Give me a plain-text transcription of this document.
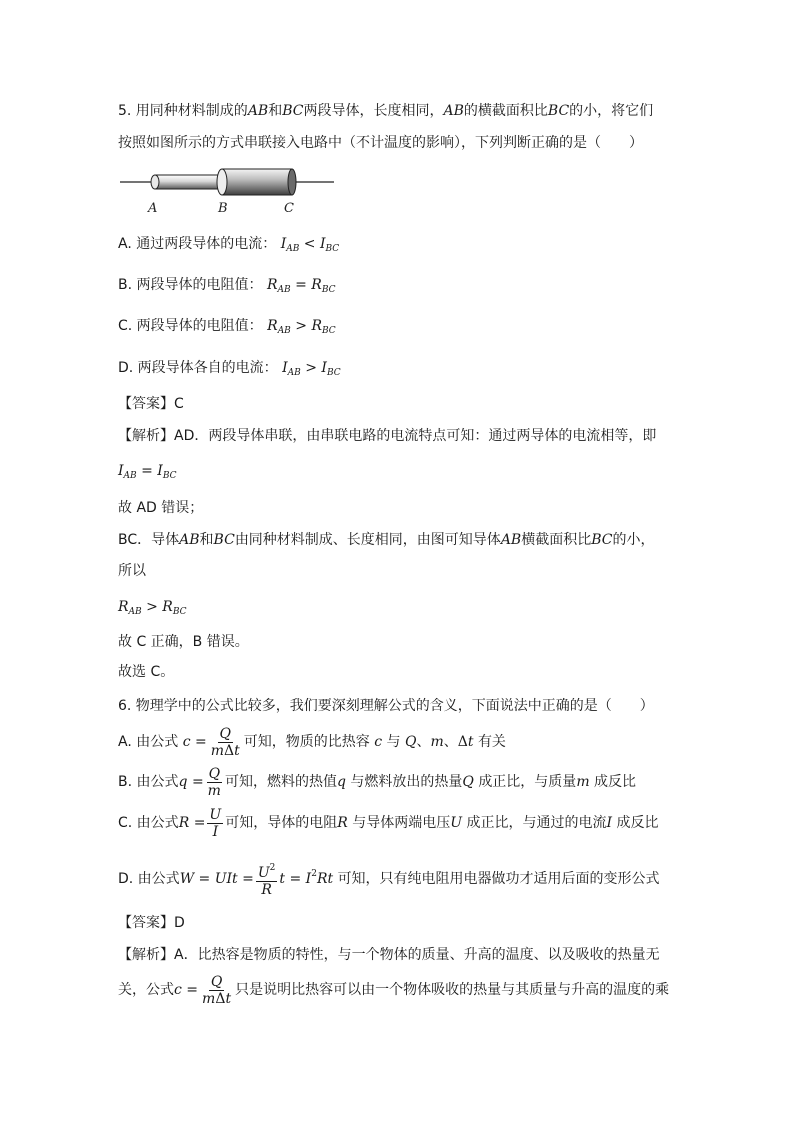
5. 用同种材料制成的AB和BC两段导体，长度相同，AB的横截面积比BC的小，将它们
按照如图所示的方式串联接入电路中（不计温度的影响），下列判断正确的是（　　）
A	B	C
A. 通过两段导体的电流： $I_{AB} < I_{BC}$
B. 两段导体的电阻值： $R_{AB} = R_{BC}$
C. 两段导体的电阻值： $R_{AB} > R_{BC}$
D. 两段导体各自的电流： $I_{AB} > I_{BC}$
【答案】C
【解析】AD．两段导体串联，由串联电路的电流特点可知：通过两导体的电流相等，即
$I_{AB} = I_{BC}$
故 AD 错误；
BC．导体AB和BC由同种材料制成、长度相同，由图可知导体AB横截面积比BC的小，
所以
$R_{AB} > R_{BC}$
故 C 正确，B 错误。
故选 C。
6. 物理学中的公式比较多，我们要深刻理解公式的含义，下面说法中正确的是（　　）
A. 由公式 $c = \frac{Q}{\text{mΔt}}$ 可知，物质的比热容 c 与 Q、m、Δt 有关
B. 由公式$q = \frac{Q}{m}$ 可知，燃料的热值q 与燃料放出的热量Q 成正比，与质量m 成反比
C. 由公式$R = \frac{U}{I}$ 可知，导体的电阻R 与导体两端电压U 成正比，与通过的电流I 成反比
D. 由公式W = UIt = $\frac{U^2}{R}$ $t = I^2Rt$ 可知，只有纯电阻用电器做功才适用后面的变形公式
【答案】D
【解析】A．比热容是物质的特性，与一个物体的质量、升高的温度、以及吸收的热量无
关，公式$c = \frac{Q}{\text{mΔt}}$ 只是说明比热容可以由一个物体吸收的热量与其质量与升高的温度的乘
